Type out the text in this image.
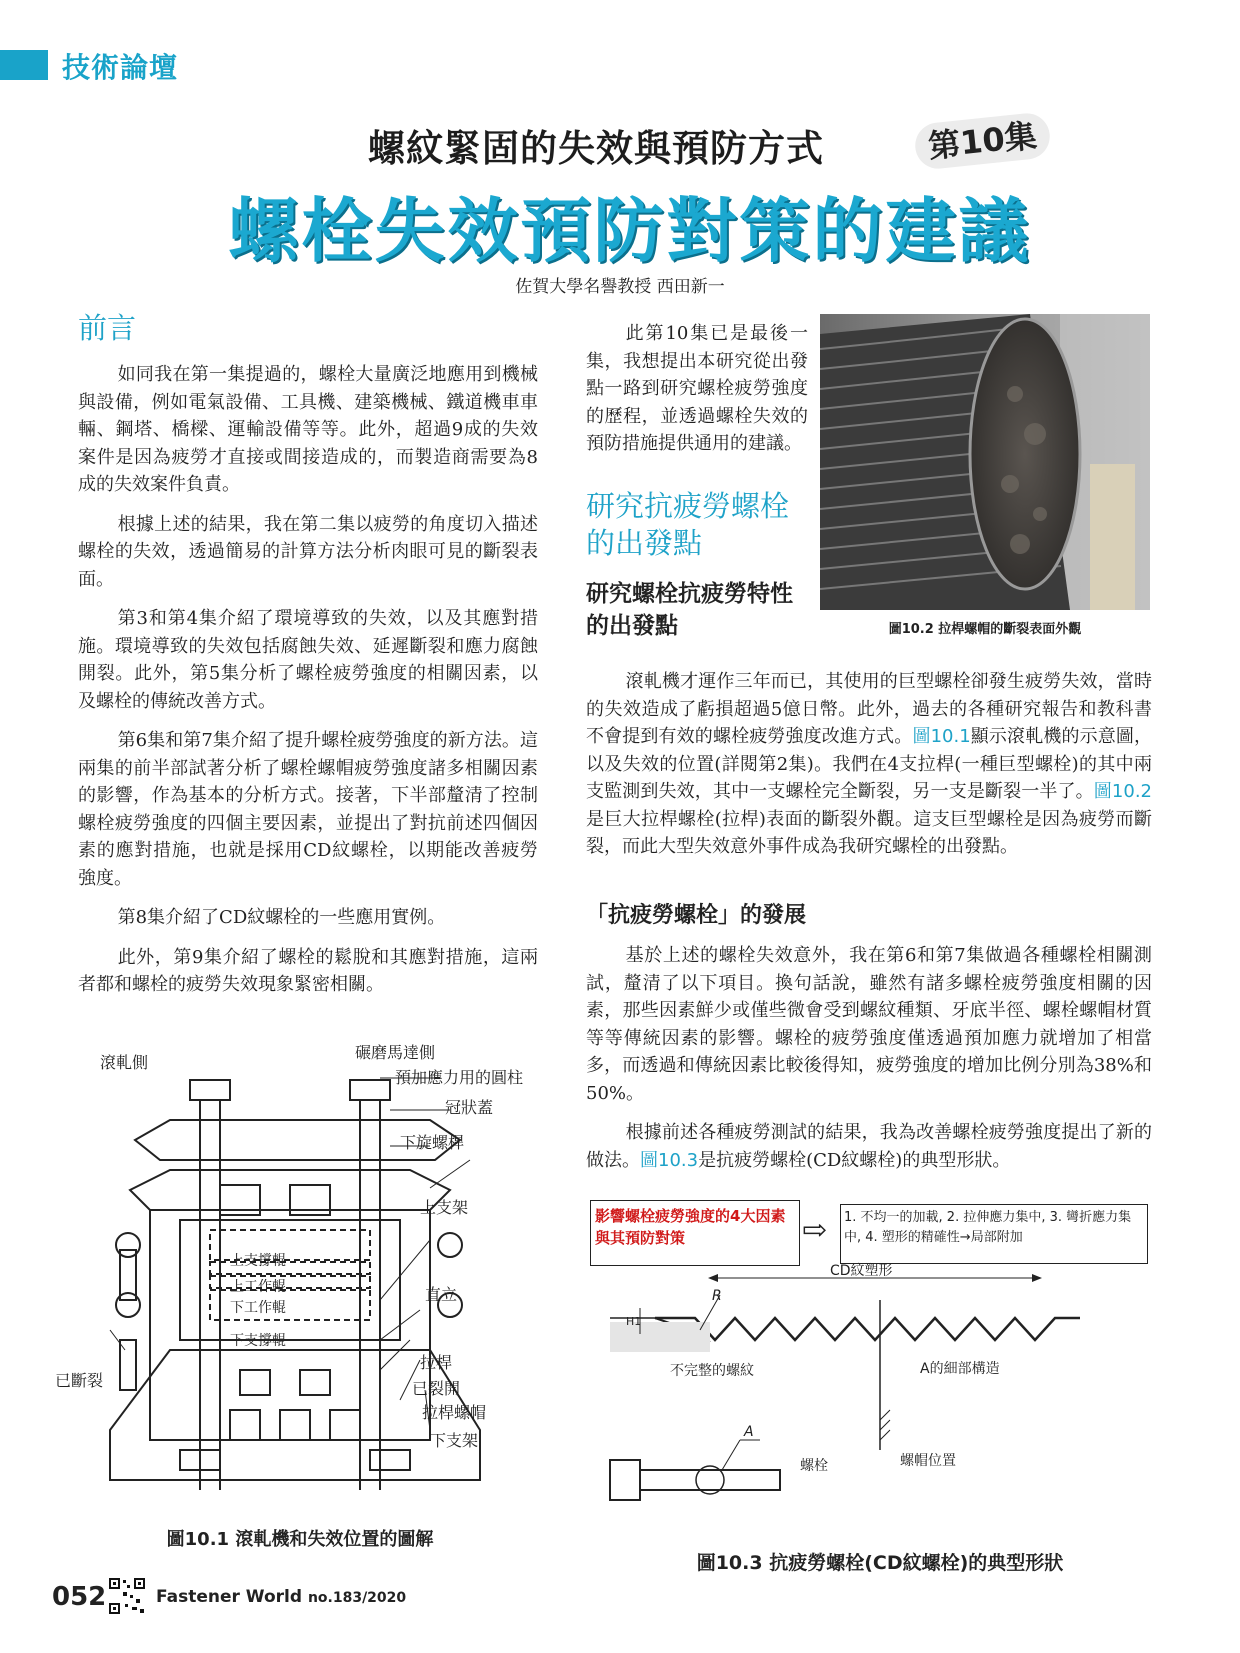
技術論壇
螺紋緊固的失效與預防方式	第10集
螺栓失效預防對策的建議
佐賀大學名譽教授 西田新一
前言

如同我在第一集提過的，螺栓大量廣泛地應用到機械與設備，例如電氣設備、工具機、建築機械、鐵道機車車輛、鋼塔、橋樑、運輸設備等等。此外，超過9成的失效案件是因為疲勞才直接或間接造成的，而製造商需要為8成的失效案件負責。

根據上述的結果，我在第二集以疲勞的角度切入描述螺栓的失效，透過簡易的計算方法分析肉眼可見的斷裂表面。

第3和第4集介紹了環境導致的失效，以及其應對措施。環境導致的失效包括腐蝕失效、延遲斷裂和應力腐蝕開裂。此外，第5集分析了螺栓疲勞強度的相關因素，以及螺栓的傳統改善方式。

第6集和第7集介紹了提升螺栓疲勞強度的新方法。這兩集的前半部試著分析了螺栓螺帽疲勞強度諸多相關因素的影響，作為基本的分析方式。接著，下半部釐清了控制螺栓疲勞強度的四個主要因素，並提出了對抗前述四個因素的應對措施，也就是採用CD紋螺栓，以期能改善疲勞強度。

第8集介紹了CD紋螺栓的一些應用實例。

此外，第9集介紹了螺栓的鬆脫和其應對措施，這兩者都和螺栓的疲勞失效現象緊密相關。

此第10集已是最後一集，我想提出本研究從出發點一路到研究螺栓疲勞強度的歷程，並透過螺栓失效的預防措施提供通用的建議。

研究抗疲勞螺栓的出發點
研究螺栓抗疲勞特性的出發點	圖10.2 拉桿螺帽的斷裂表面外觀

滾軋機才運作三年而已，其使用的巨型螺栓卻發生疲勞失效，當時的失效造成了虧損超過5億日幣。此外，過去的各種研究報告和教科書不會提到有效的螺栓疲勞強度改進方式。圖10.1顯示滾軋機的示意圖，以及失效的位置(詳閱第2集)。我們在4支拉桿(一種巨型螺栓)的其中兩支監測到失效，其中一支螺栓完全斷裂，另一支是斷裂一半了。圖10.2 是巨大拉桿螺栓(拉桿)表面的斷裂外觀。這支巨型螺栓是因為疲勞而斷裂，而此大型失效意外事件成為我研究螺栓的出發點。

「抗疲勞螺栓」的發展

基於上述的螺栓失效意外，我在第6和第7集做過各種螺栓相關測試，釐清了以下項目。換句話說，雖然有諸多螺栓疲勞強度相關的因素，那些因素鮮少或僅些微會受到螺紋種類、牙底半徑、螺栓螺帽材質等等傳統因素的影響。螺栓的疲勞強度僅透過預加應力就增加了相當多，而透過和傳統因素比較後得知，疲勞強度的增加比例分別為38%和50%。

根據前述各種疲勞測試的結果，我為改善螺栓疲勞強度提出了新的做法。圖10.3是抗疲勞螺栓(CD紋螺栓)的典型形狀。

滾軋側
碾磨馬達側
預加應力用的圓柱
冠狀蓋
下旋螺桿
上支架
上支撐輥
上工作輥
下工作輥
直立
下支撐輥
已斷裂
拉桿
已裂開
拉桿螺帽
下支架
圖10.1 滾軋機和失效位置的圖解
影響螺栓疲勞強度的4大因素與其預防對策	⇨	1. 不均一的加載, 2. 拉伸應力集中, 3. 彎折應力集中, 4. 塑形的精確性→局部附加
CD紋塑形
R
H1
不完整的螺紋	A的細部構造
A
螺栓	螺帽位置
圖10.3 抗疲勞螺栓(CD紋螺栓)的典型形狀
052	Fastener World no.183/2020
